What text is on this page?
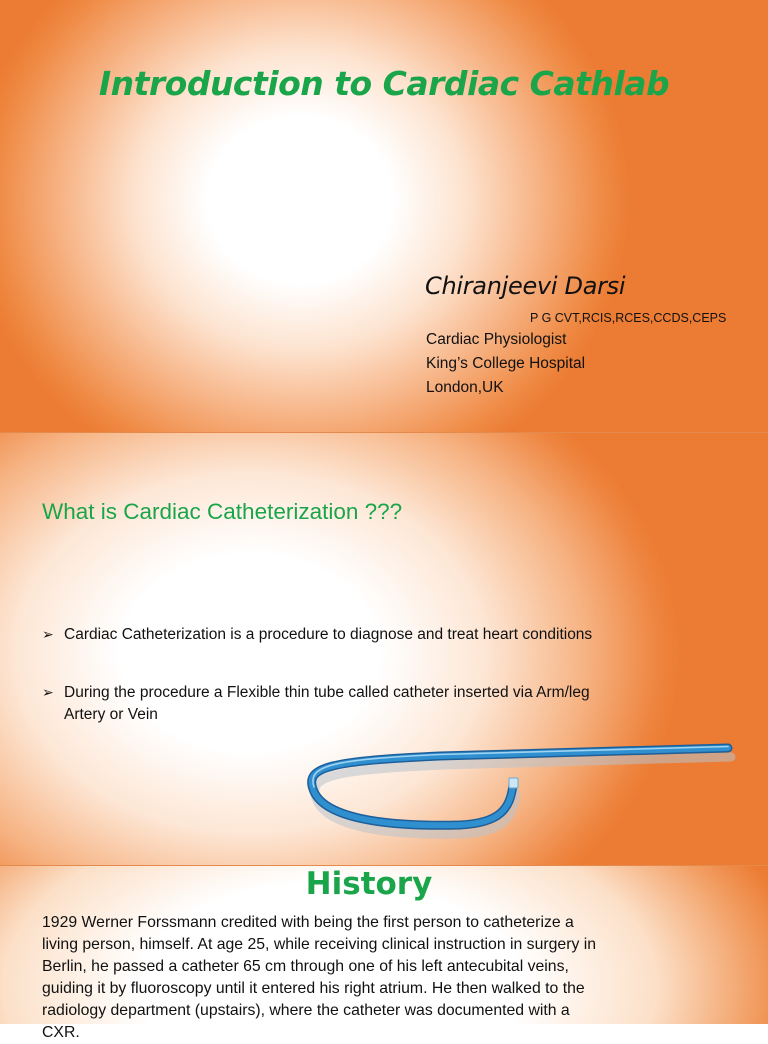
Introduction to Cardiac Cathlab
Chiranjeevi Darsi
P G CVT,RCIS,RCES,CCDS,CEPS
Cardiac Physiologist
King’s College Hospital
London,UK
What is Cardiac Catheterization ???
➢ Cardiac Catheterization is a procedure to diagnose and treat heart conditions
➢ During the procedure a Flexible thin tube called catheter inserted via Arm/leg
Artery or Vein
History
1929 Werner Forssmann credited with being the first person to catheterize a
living person, himself. At age 25, while receiving clinical instruction in surgery in
Berlin, he passed a catheter 65 cm through one of his left antecubital veins,
guiding it by fluoroscopy until it entered his right atrium. He then walked to the
radiology department (upstairs), where the catheter was documented with a
CXR.
